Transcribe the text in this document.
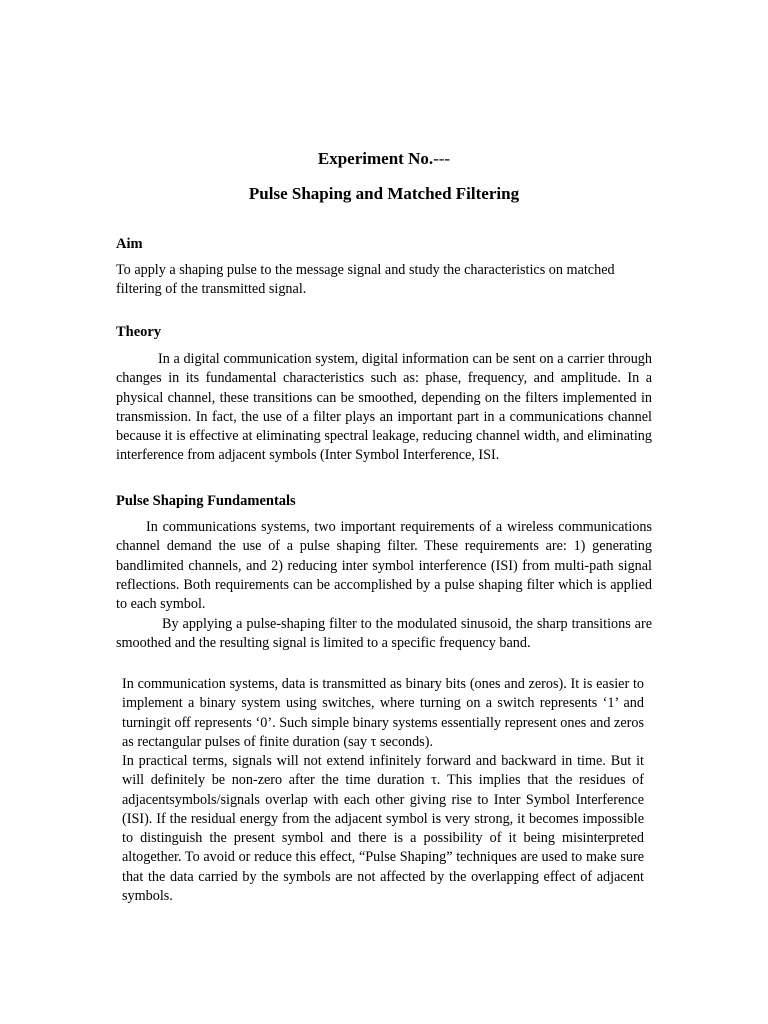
Experiment No.---
Pulse Shaping and Matched Filtering
Aim
To apply a shaping pulse to the message signal and study the characteristics on matched filtering of the transmitted signal.
Theory
In a digital communication system, digital information can be sent on a carrier through changes in its fundamental characteristics such as: phase, frequency, and amplitude. In a physical channel, these transitions can be smoothed, depending on the filters implemented in transmission. In fact, the use of a filter plays an important part in a communications channel because it is effective at eliminating spectral leakage, reducing channel width, and eliminating interference from adjacent symbols (Inter Symbol Interference, ISI.
Pulse Shaping Fundamentals
In communications systems, two important requirements of a wireless communications channel demand the use of a pulse shaping filter. These requirements are: 1) generating bandlimited channels, and 2) reducing inter symbol interference (ISI) from multi-path signal reflections. Both requirements can be accomplished by a pulse shaping filter which is applied to each symbol.
By applying a pulse-shaping filter to the modulated sinusoid, the sharp transitions are smoothed and the resulting signal is limited to a specific frequency band.
In communication systems, data is transmitted as binary bits (ones and zeros). It is easier to implement a binary system using switches, where turning on a switch represents ‘1’ and turningit off represents ‘0’. Such simple binary systems essentially represent ones and zeros as rectangular pulses of finite duration (say τ seconds).
In practical terms, signals will not extend infinitely forward and backward in time. But it will definitely be non-zero after the time duration τ. This implies that the residues of adjacentsymbols/signals overlap with each other giving rise to Inter Symbol Interference (ISI). If the residual energy from the adjacent symbol is very strong, it becomes impossible to distinguish the present symbol and there is a possibility of it being misinterpreted altogether. To avoid or reduce this effect, “Pulse Shaping” techniques are used to make sure that the data carried by the symbols are not affected by the overlapping effect of adjacent symbols.
